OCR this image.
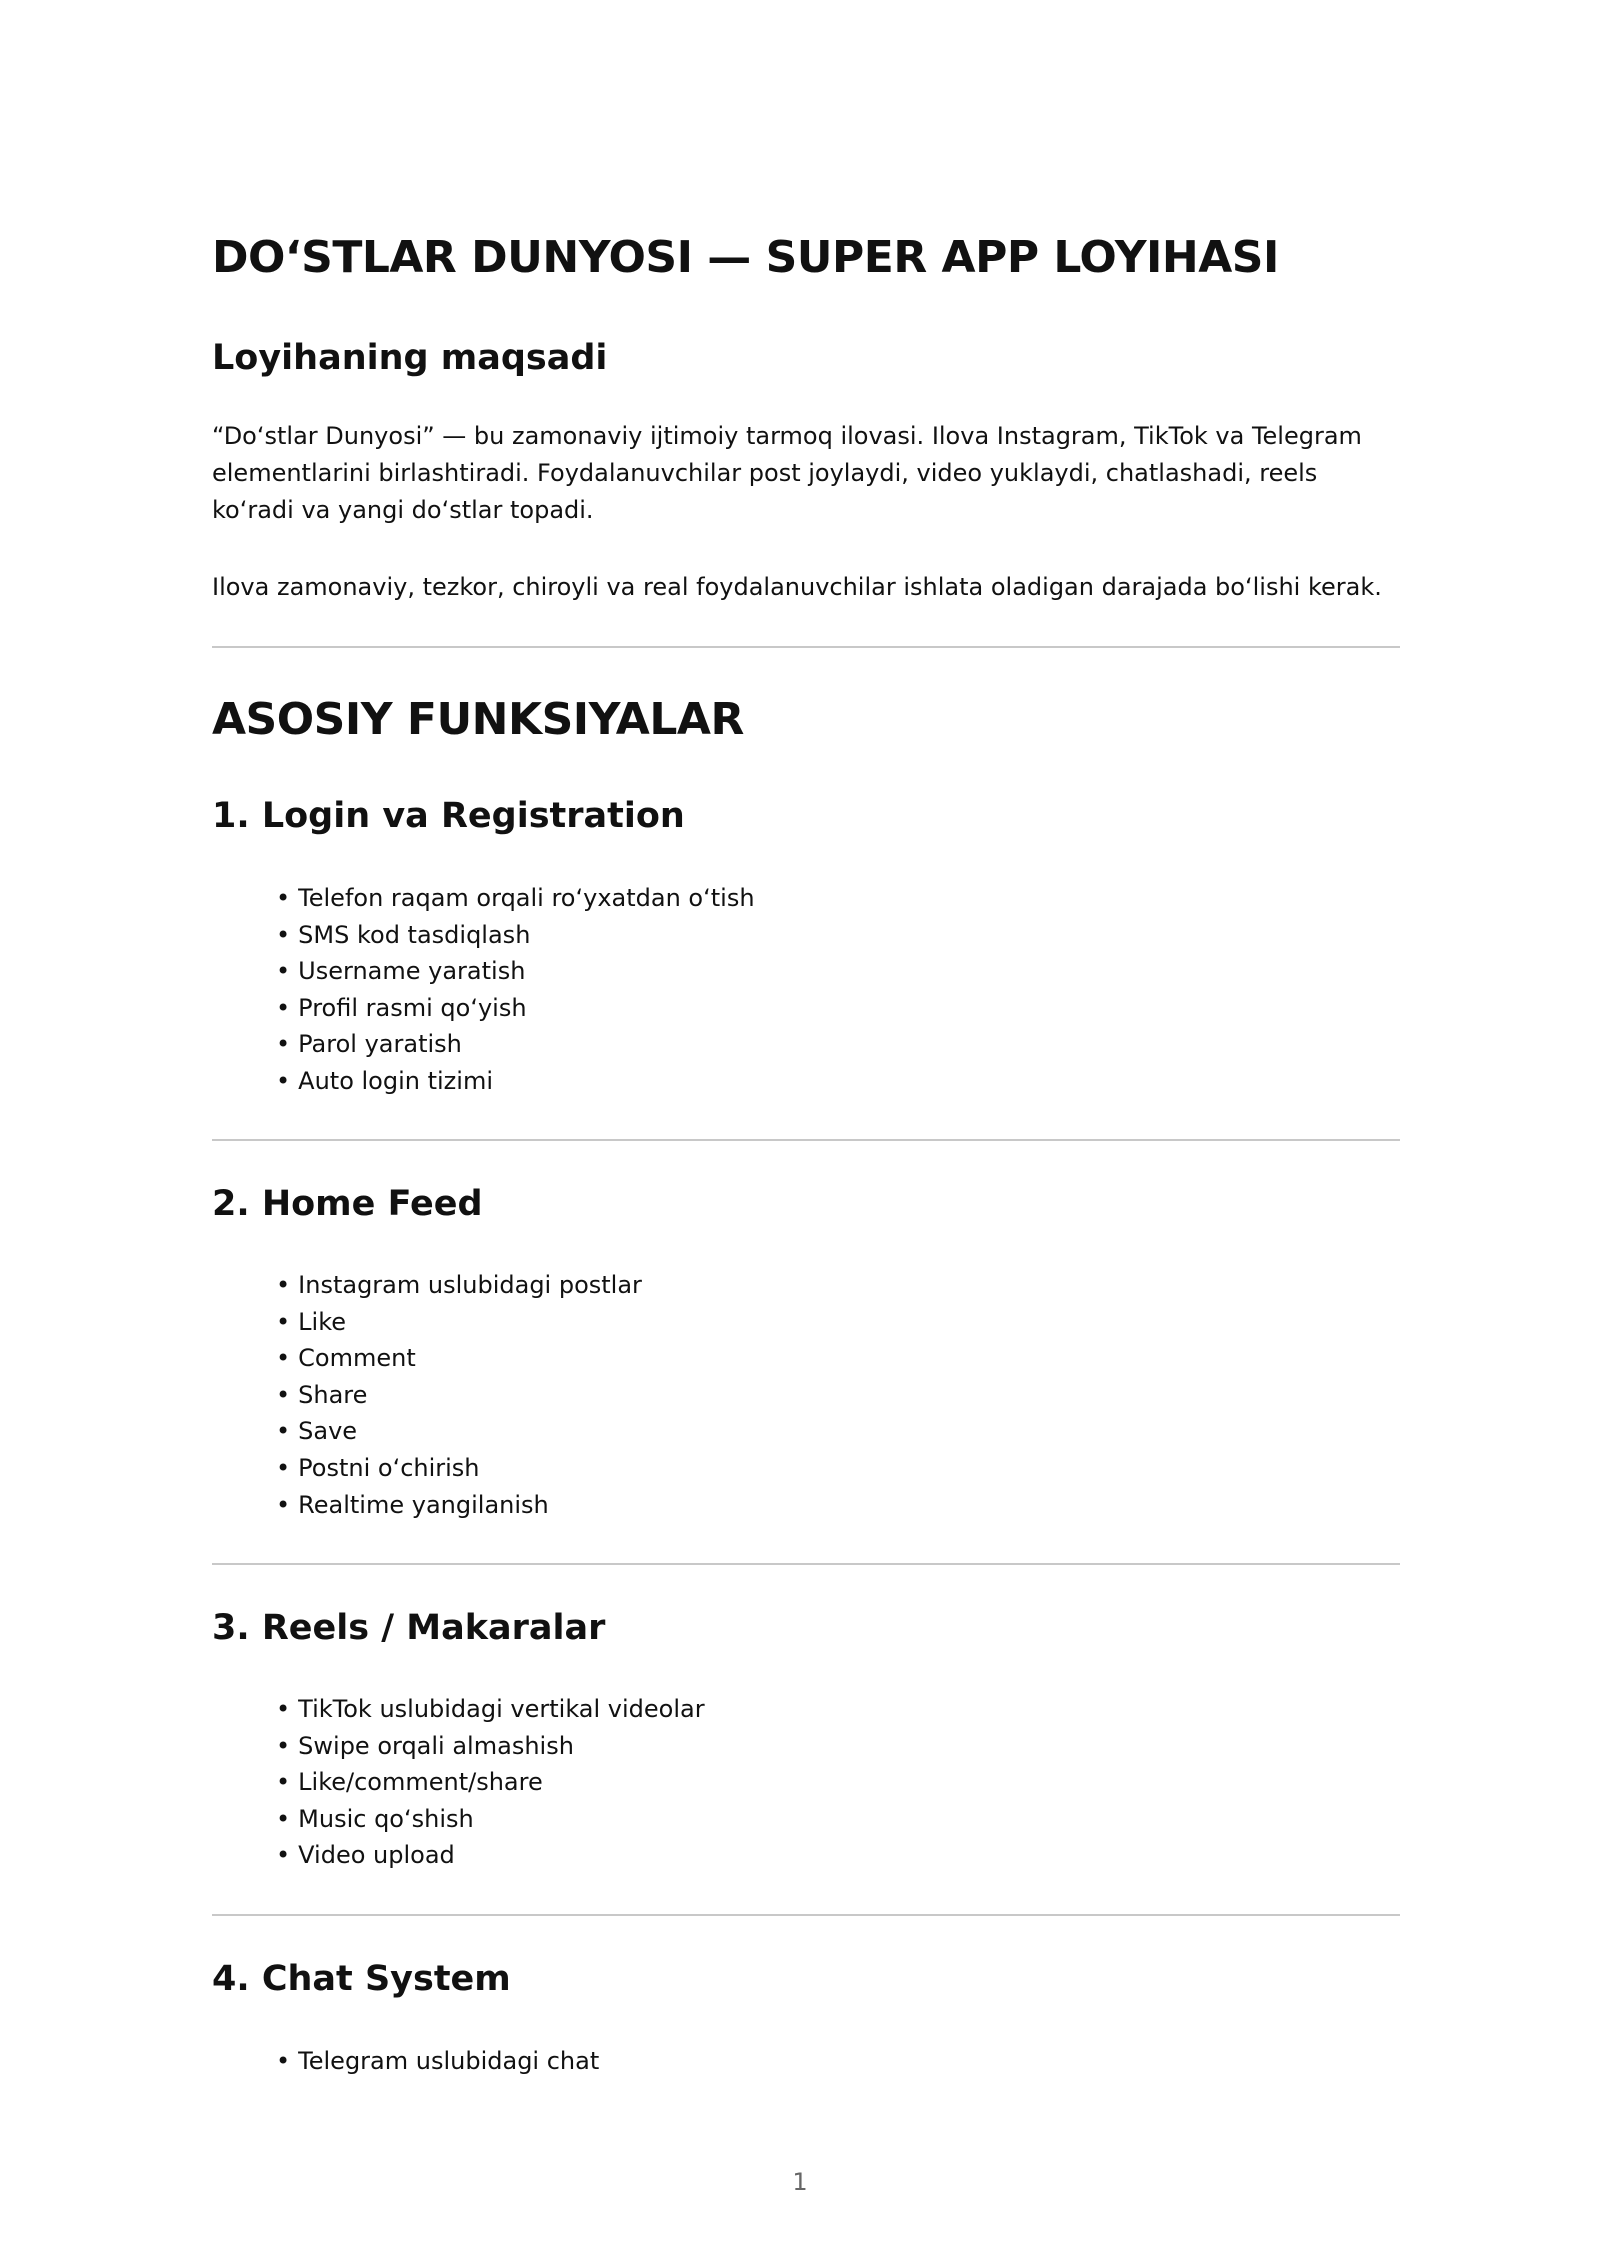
DO‘STLAR DUNYOSI — SUPER APP LOYIHASI
Loyihaning maqsadi

“Do‘stlar Dunyosi” — bu zamonaviy ijtimoiy tarmoq ilovasi. Ilova Instagram, TikTok va Telegram elementlarini birlashtiradi. Foydalanuvchilar post joylaydi, video yuklaydi, chatlashadi, reels ko‘radi va yangi do‘stlar topadi.

Ilova zamonaviy, tezkor, chiroyli va real foydalanuvchilar ishlata oladigan darajada bo‘lishi kerak.

ASOSIY FUNKSIYALAR
1. Login va Registration
• Telefon raqam orqali ro‘yxatdan o‘tish
• SMS kod tasdiqlash
• Username yaratish
• Profil rasmi qo‘yish
• Parol yaratish
• Auto login tizimi
2. Home Feed
• Instagram uslubidagi postlar
• Like
• Comment
• Share
• Save
• Postni o‘chirish
• Realtime yangilanish
3. Reels / Makaralar
• TikTok uslubidagi vertikal videolar
• Swipe orqali almashish
• Like/comment/share
• Music qo‘shish
• Video upload
4. Chat System
• Telegram uslubidagi chat
1
